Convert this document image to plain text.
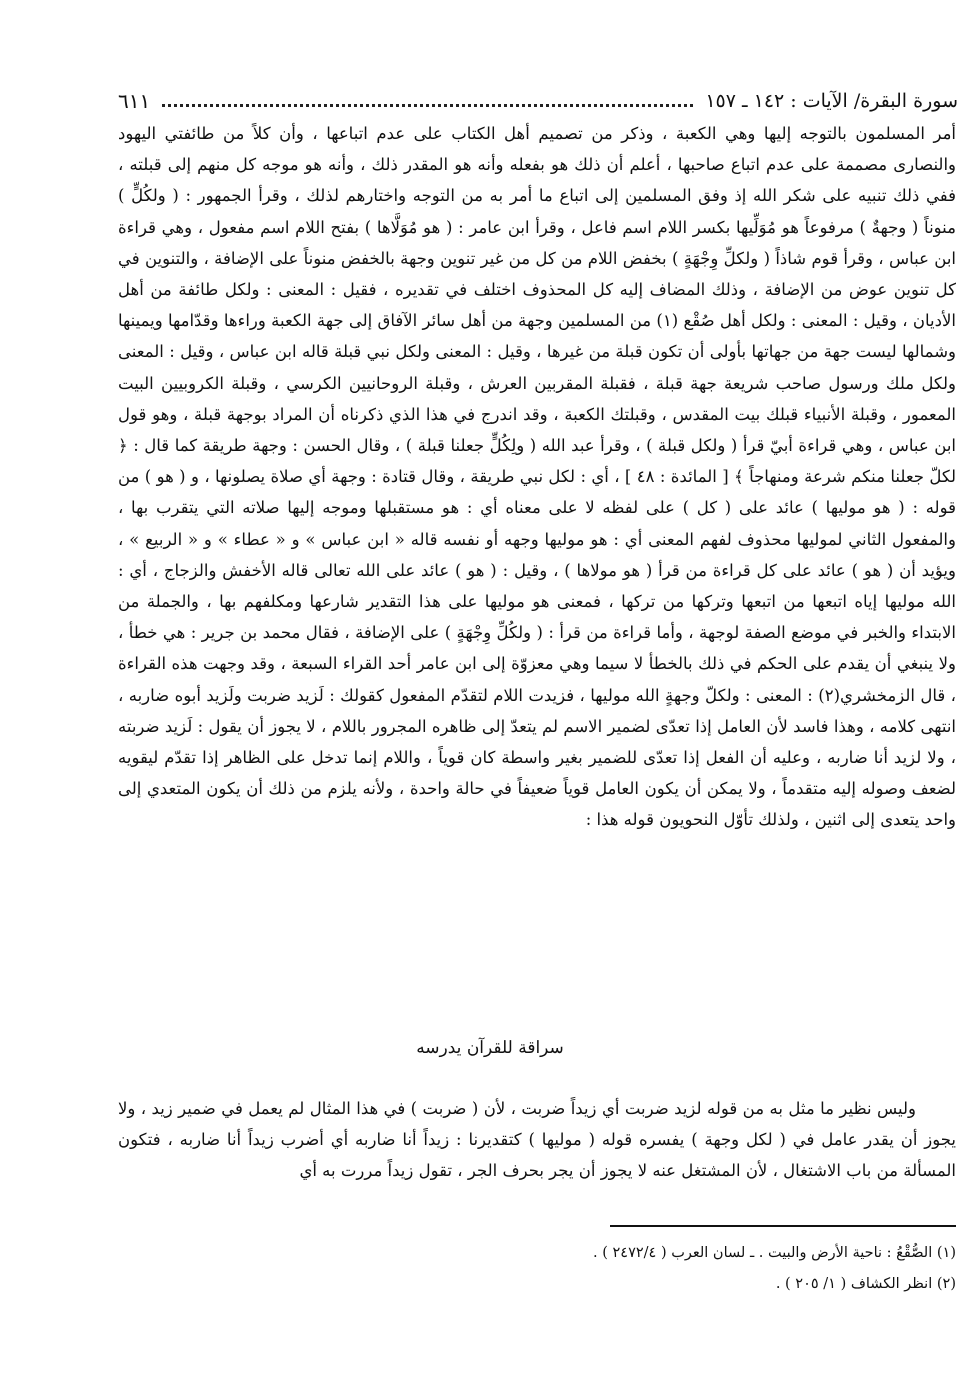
سورة البقرة/ الآيات : ١٤٢ ـ ١٥٧
٦١١

أمر المسلمون بالتوجه إليها وهي الكعبة ، وذكر من تصميم أهل الكتاب على عدم اتباعها ، وأن كلاً من طائفتي اليهود والنصارى مصممة على عدم اتباع صاحبها ، أعلم أن ذلك هو بفعله وأنه هو المقدر ذلك ، وأنه هو موجه كل منهم إلى قبلته ، ففي ذلك تنبيه على شكر الله إذ وفق المسلمين إلى اتباع ما أمر به من التوجه واختارهم لذلك ، وقرأ الجمهور : ( ولكُلٍّ ) منوناً ( وجهةٌ ) مرفوعاً هو مُوَلِّيها بكسر اللام اسم فاعل ، وقرأ ابن عامر : ( هو مُوَلَّاها ) بفتح اللام اسم مفعول ، وهي قراءة ابن عباس ، وقرأ قوم شاذاً ( ولكلِّ وِجْهَةٍ ) بخفض اللام من كل من غير تنوين وجهة بالخفض منوناً على الإضافة ، والتنوين في كل تنوين عوض من الإضافة ، وذلك المضاف إليه كل المحذوف اختلف في تقديره ، فقيل : المعنى : ولكل طائفة من أهل الأديان ، وقيل : المعنى : ولكل أهل صُقْع (١) من المسلمين وجهة من أهل سائر الآفاق إلى جهة الكعبة وراءها وقدّامها ويمينها وشمالها ليست جهة من جهاتها بأولى أن تكون قبلة من غيرها ، وقيل : المعنى ولكل نبي قبلة قاله ابن عباس ، وقيل : المعنى ولكل ملك ورسول صاحب شريعة جهة قبلة ، فقبلة المقربين العرش ، وقبلة الروحانيين الكرسي ، وقبلة الكروبيين البيت المعمور ، وقبلة الأنبياء قبلك بيت المقدس ، وقبلتك الكعبة ، وقد اندرج في هذا الذي ذكرناه أن المراد بوجهة قبلة ، وهو قول ابن عباس ، وهي قراءة أبيّ قرأ ( ولكل قبلة ) ، وقرأ عبد الله ( ولِكُلٍّ جعلنا قبلة ) ، وقال الحسن : وجهة طريقة كما قال : ﴿ لكلّ جعلنا منكم شرعة ومنهاجاً ﴾ [ المائدة : ٤٨ ] ، أي : لكل نبي طريقة ، وقال قتادة : وجهة أي صلاة يصلونها ، و ( هو ) من قوله : ( هو موليها ) عائد على ( كل ) على لفظه لا على معناه أي : هو مستقبلها وموجه إليها صلاته التي يتقرب بها ، والمفعول الثاني لموليها محذوف لفهم المعنى أي : هو موليها وجهه أو نفسه قاله « ابن عباس » و « عطاء » و « الربيع » ، ويؤيد أن ( هو ) عائد على كل قراءة من قرأ ( هو مولاها ) ، وقيل : ( هو ) عائد على الله تعالى قاله الأخفش والزجاج ، أي : الله موليها إياه اتبعها من اتبعها وتركها من تركها ، فمعنى هو موليها على هذا التقدير شارعها ومكلفهم بها ، والجملة من الابتداء والخبر في موضع الصفة لوجهة ، وأما قراءة من قرأ : ( ولكُلِّ وِجْهَةٍ ) على الإضافة ، فقال محمد بن جرير : هي خطأ ، ولا ينبغي أن يقدم على الحكم في ذلك بالخطأ لا سيما وهي معزوّة إلى ابن عامر أحد القراء السبعة ، وقد وجهت هذه القراءة ، قال الزمخشري(٢) : المعنى : ولكلّ وجهةٍ الله موليها ، فزيدت اللام لتقدّم المفعول كقولك : لَزيد ضربت ولَزيد أبوه ضاربه ، انتهى كلامه ، وهذا فاسد لأن العامل إذا تعدّى لضمير الاسم لم يتعدّ إلى ظاهره المجرور باللام ، لا يجوز أن يقول : لَزيد ضربته ، ولا لزيد أنا ضاربه ، وعليه أن الفعل إذا تعدّى للضمير بغير واسطة كان قوياً ، واللام إنما تدخل على الظاهر إذا تقدّم ليقويه لضعف وصوله إليه متقدماً ، ولا يمكن أن يكون العامل قوياً ضعيفاً في حالة واحدة ، ولأنه يلزم من ذلك أن يكون المتعدي إلى واحد يتعدى إلى اثنين ، ولذلك تأوّل النحويون قوله هذا :

سراقة للقرآن يدرسه

وليس نظير ما مثل به من قوله لزيد ضربت أي زيداً ضربت ، لأن ( ضربت ) في هذا المثال لم يعمل في ضمير زيد ، ولا يجوز أن يقدر عامل في ( لكل وجهة ) يفسره قوله ( موليها ) كتقديرنا : زيداً أنا ضاربه أي أضرب زيداً أنا ضاربه ، فتكون المسألة من باب الاشتغال ، لأن المشتغل عنه لا يجوز أن يجر بحرف الجر ، تقول زيداً مررت به أي

(١) الصُّقْعُ : ناحية الأرض والبيت . ـ لسان العرب ( ٢٤٧٢/٤ ) .
(٢) انظر الكشاف ( ١/ ٢٠٥ ) .
